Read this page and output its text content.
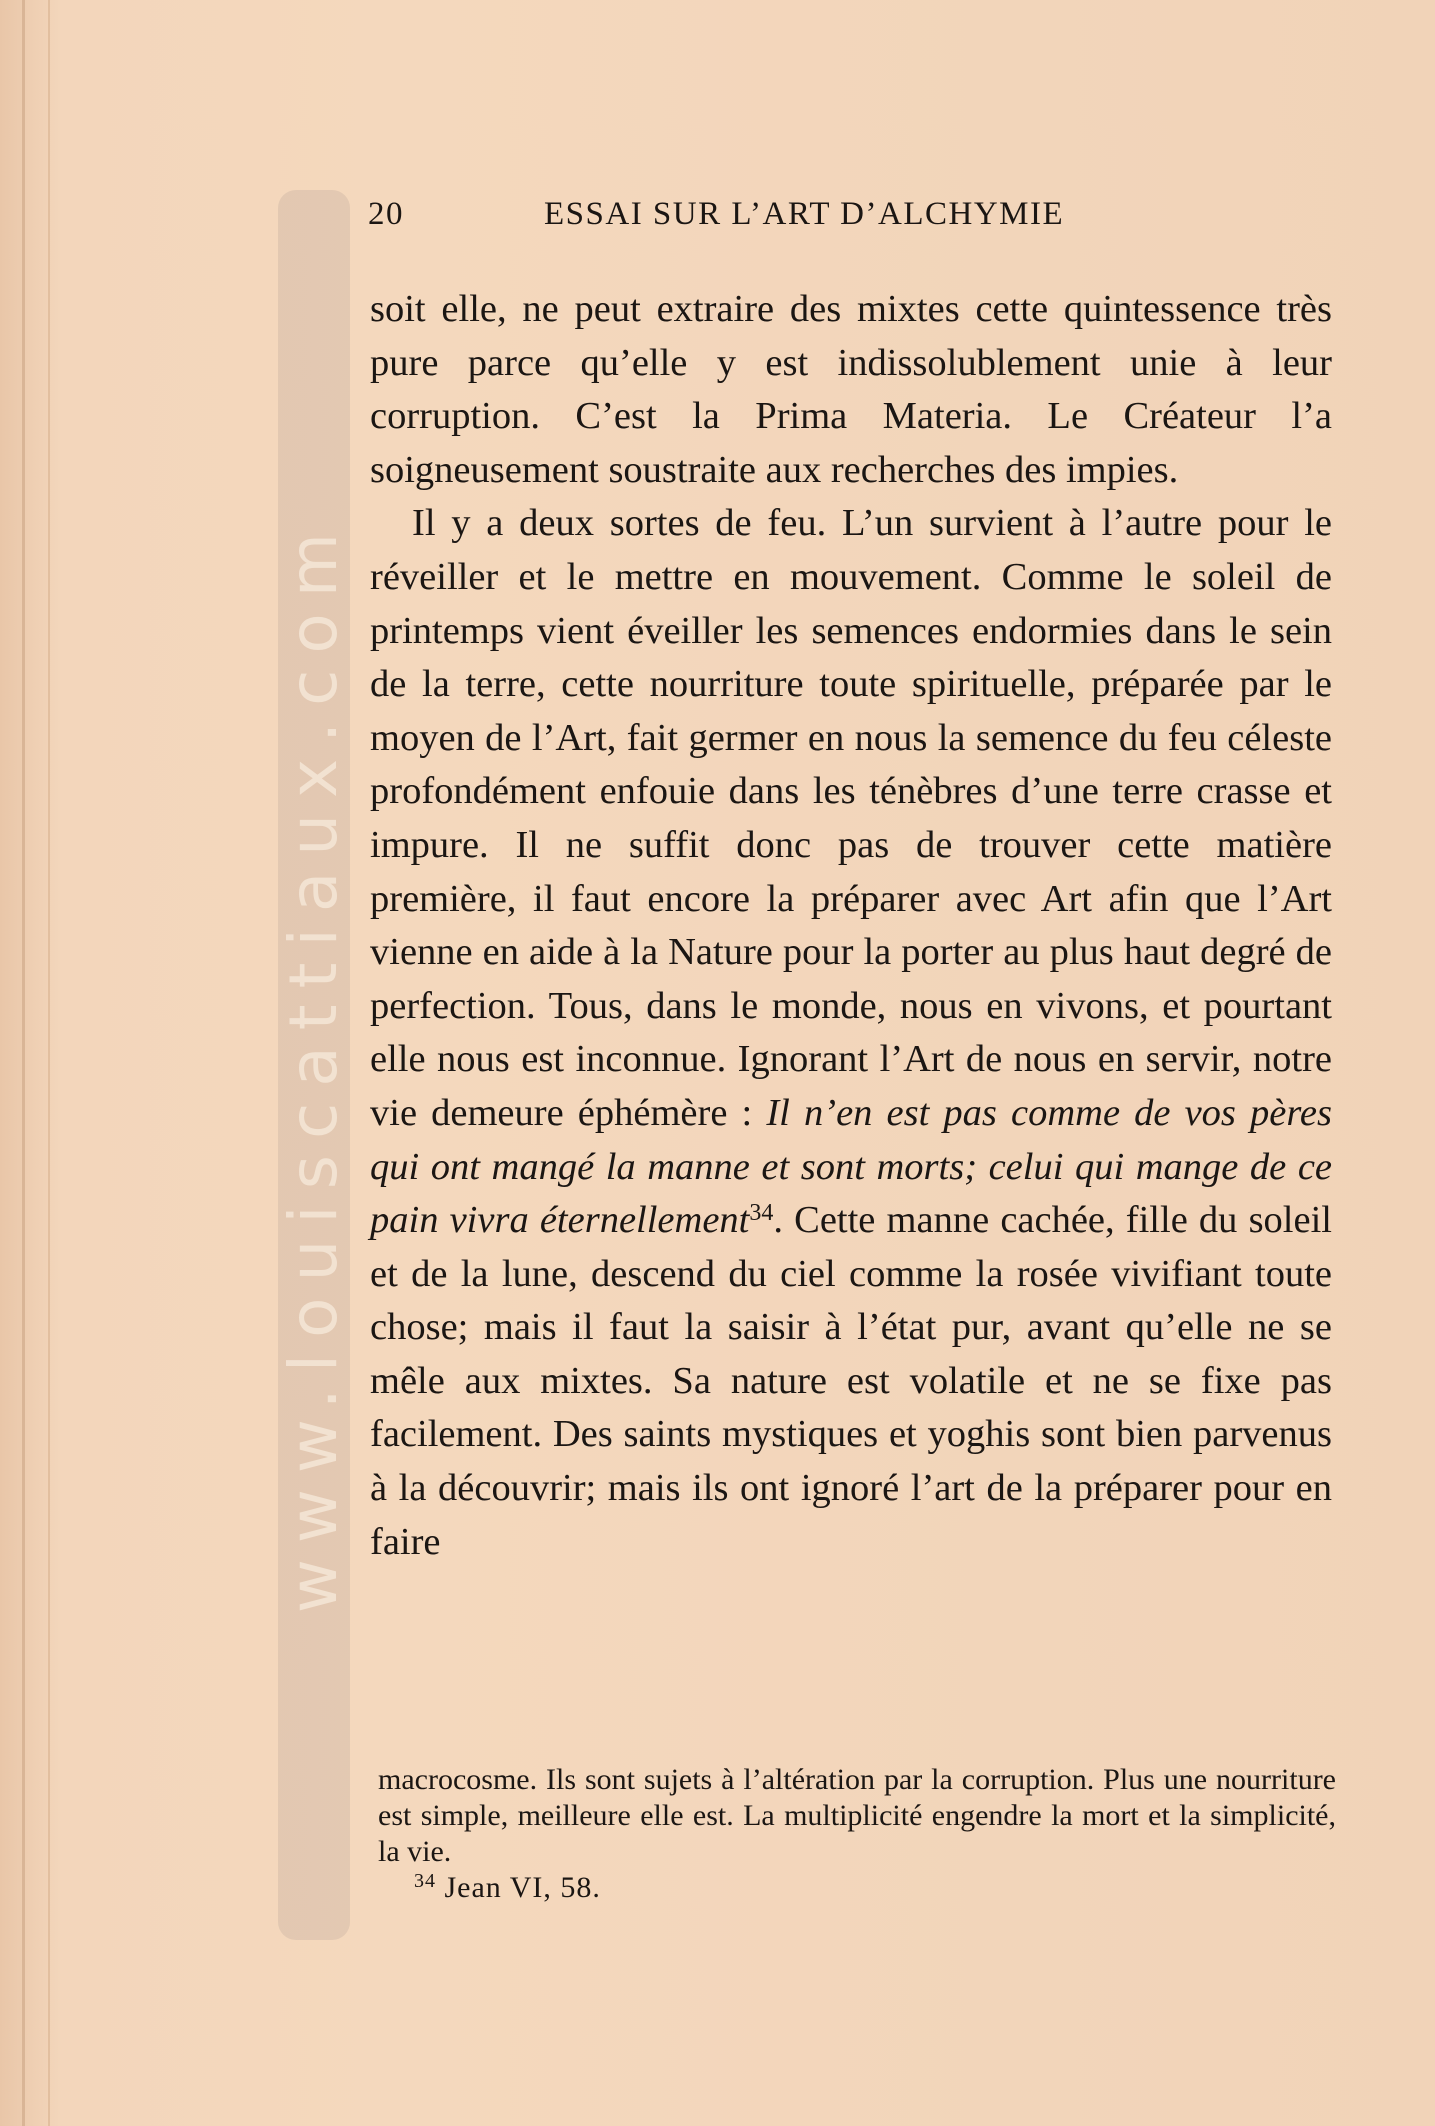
www.louiscattiaux.com
20	ESSAI SUR L’ART D’ALCHYMIE

soit elle, ne peut extraire des mixtes cette quintessence très pure parce qu’elle y est indissolublement unie à leur corruption. C’est la Prima Materia. Le Créateur l’a soigneusement soustraite aux recherches des impies.

Il y a deux sortes de feu. L’un survient à l’autre pour le réveiller et le mettre en mouvement. Comme le soleil de printemps vient éveiller les semences endormies dans le sein de la terre, cette nourriture toute spirituelle, préparée par le moyen de l’Art, fait germer en nous la semence du feu céleste profondément enfouie dans les ténèbres d’une terre crasse et impure. Il ne suffit donc pas de trouver cette matière première, il faut encore la préparer avec Art afin que l’Art vienne en aide à la Nature pour la porter au plus haut degré de perfection. Tous, dans le monde, nous en vivons, et pourtant elle nous est inconnue. Ignorant l’Art de nous en servir, notre vie demeure éphémère : Il n’en est pas comme de vos pères qui ont mangé la manne et sont morts; celui qui mange de ce pain vivra éternellement$^{34}$. Cette manne cachée, fille du soleil et de la lune, descend du ciel comme la rosée vivifiant toute chose; mais il faut la saisir à l’état pur, avant qu’elle ne se mêle aux mixtes. Sa nature est volatile et ne se fixe pas facilement. Des saints mystiques et yoghis sont bien parvenus à la découvrir; mais ils ont ignoré l’art de la préparer pour en faire

macrocosme. Ils sont sujets à l’altération par la corruption. Plus une nourriture est simple, meilleure elle est. La multiplicité engendre la mort et la simplicité, la vie.

$^{34}$ Jean VI, 58.
